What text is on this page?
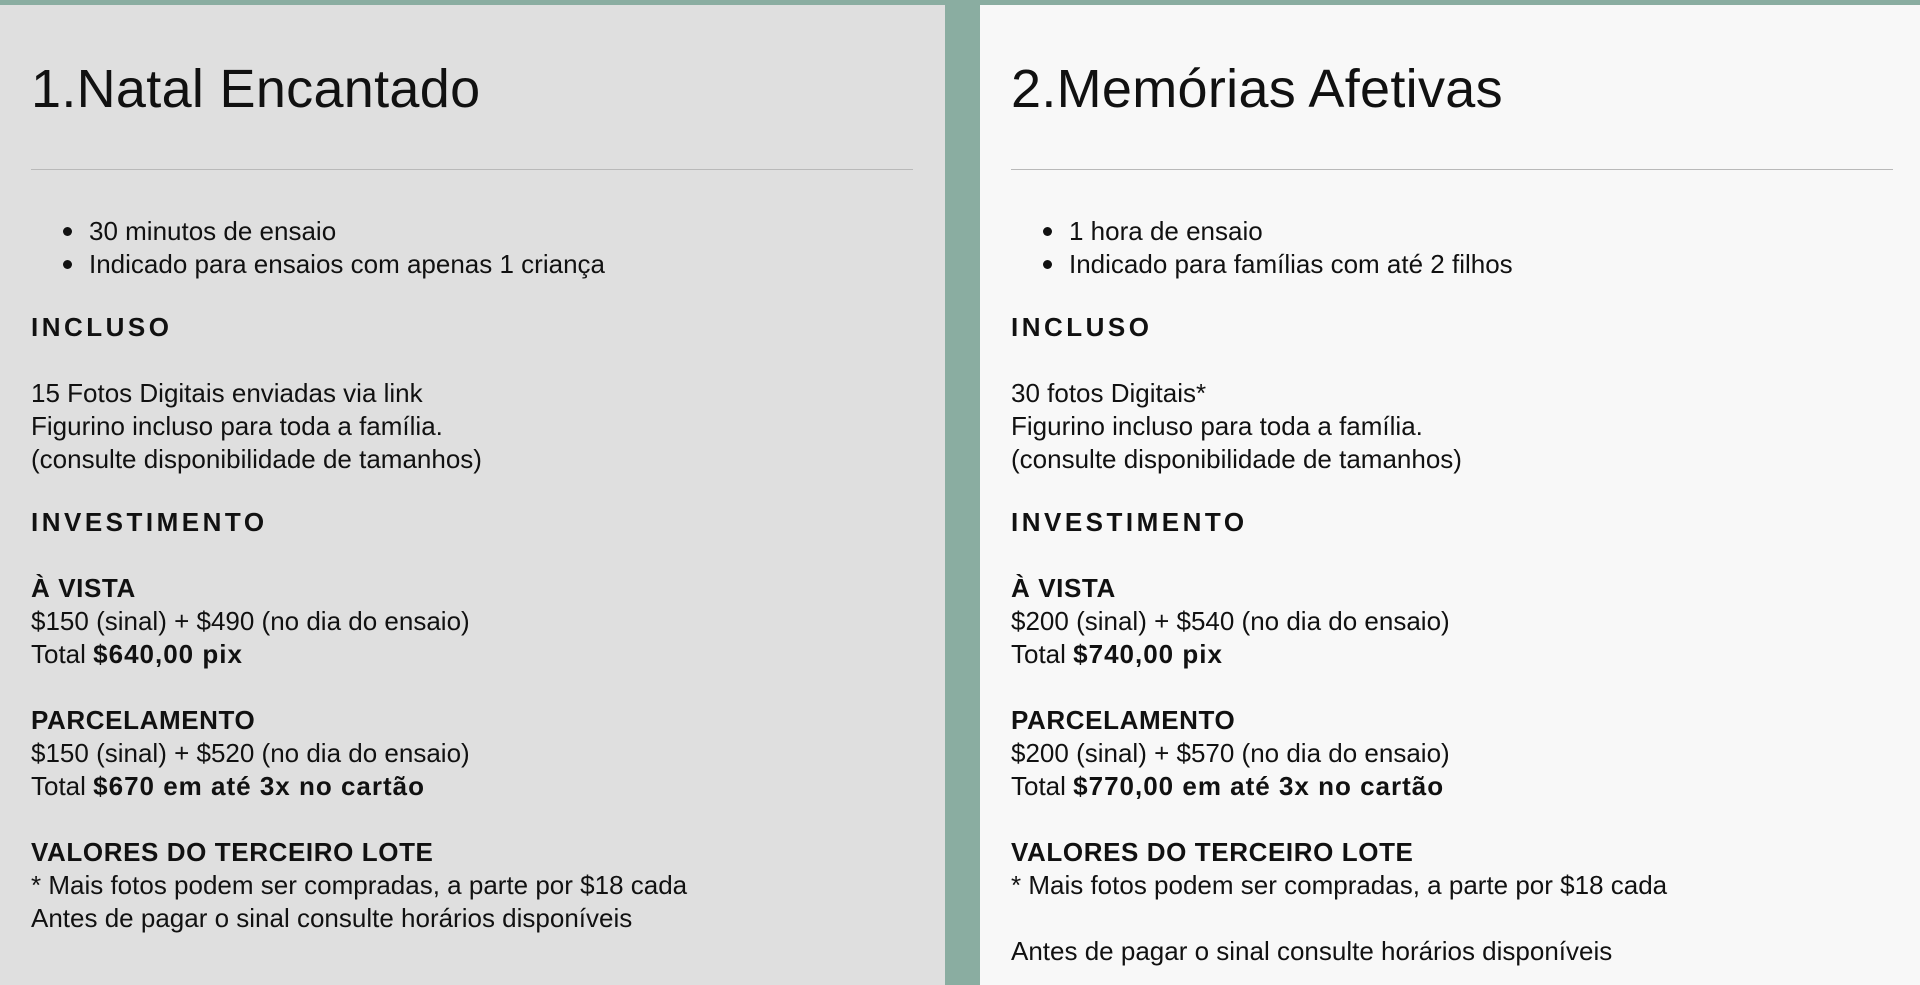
1.Natal Encantado
30 minutos de ensaio
Indicado para ensaios com apenas 1 criança
INCLUSO
15 Fotos Digitais enviadas via link
Figurino incluso para toda a família.
(consulte disponibilidade de tamanhos)
INVESTIMENTO
À VISTA
$150 (sinal) + $490 (no dia do ensaio)
Total $640,00 pix
PARCELAMENTO
$150 (sinal) + $520 (no dia do ensaio)
Total $670 em até 3x no cartão
VALORES DO TERCEIRO LOTE
* Mais fotos podem ser compradas, a parte por $18 cada
Antes de pagar o sinal consulte horários disponíveis
2.Memórias Afetivas
1 hora de ensaio
Indicado para famílias com até 2 filhos
INCLUSO
30 fotos Digitais*
Figurino incluso para toda a família.
(consulte disponibilidade de tamanhos)
INVESTIMENTO
À VISTA
$200 (sinal) + $540 (no dia do ensaio)
Total $740,00 pix
PARCELAMENTO
$200 (sinal) + $570 (no dia do ensaio)
Total $770,00 em até 3x no cartão
VALORES DO TERCEIRO LOTE
* Mais fotos podem ser compradas, a parte por $18 cada
Antes de pagar o sinal consulte horários disponíveis
